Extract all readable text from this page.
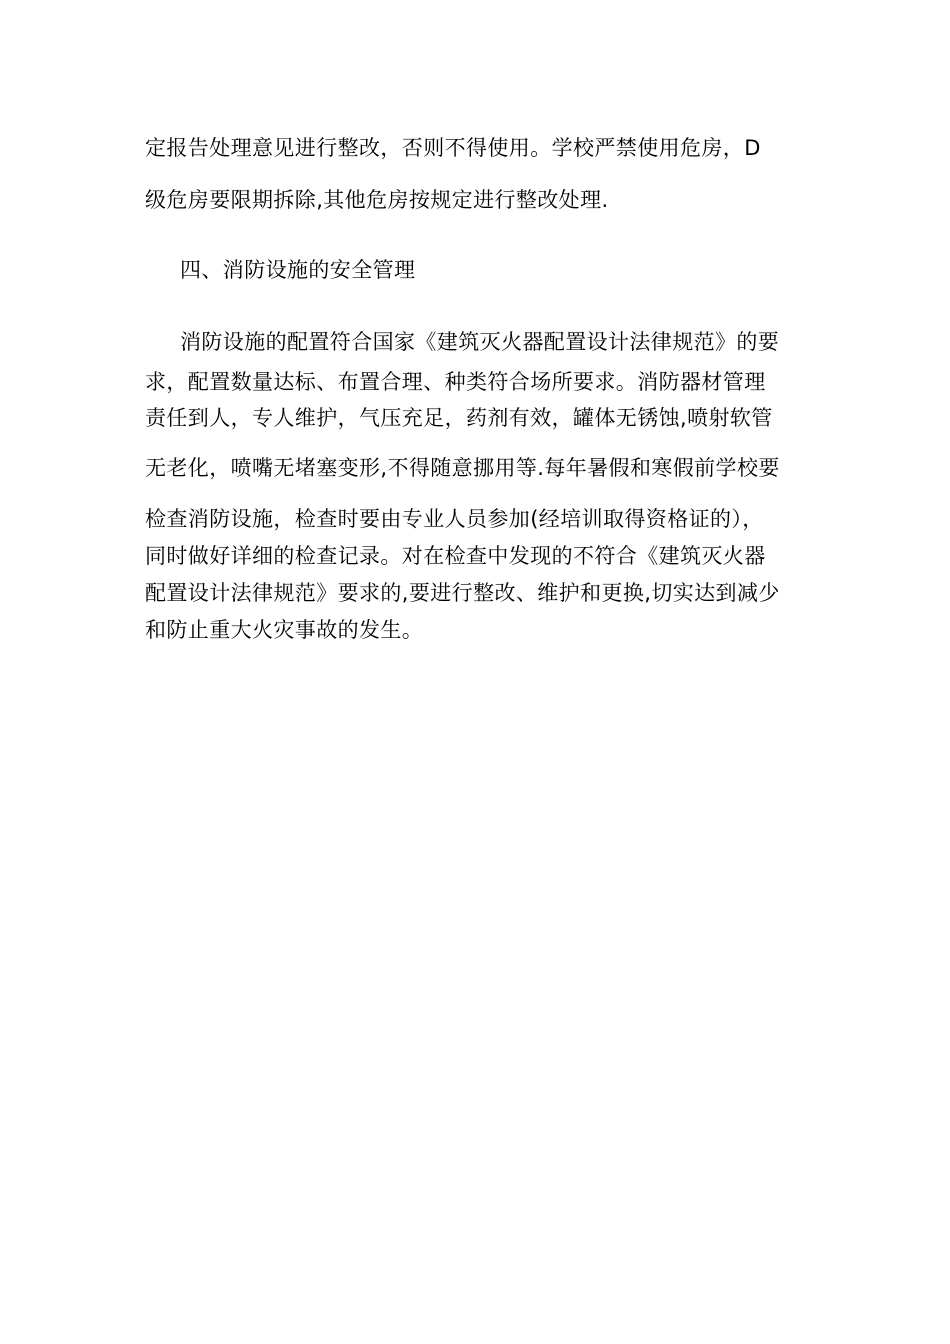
定报告处理意见进行整改，否则不得使用。学校严禁使用危房，D
级危房要限期拆除,其他危房按规定进行整改处理.
四、消防设施的安全管理
消防设施的配置符合国家《建筑灭火器配置设计法律规范》的要
求，配置数量达标、布置合理、种类符合场所要求。消防器材管理
责任到人，专人维护，气压充足，药剂有效，罐体无锈蚀,喷射软管
无老化，喷嘴无堵塞变形,不得随意挪用等.每年暑假和寒假前学校要
检查消防设施，检查时要由专业人员参加(经培训取得资格证的），
同时做好详细的检查记录。对在检查中发现的不符合《建筑灭火器
配置设计法律规范》要求的,要进行整改、维护和更换,切实达到减少
和防止重大火灾事故的发生。
